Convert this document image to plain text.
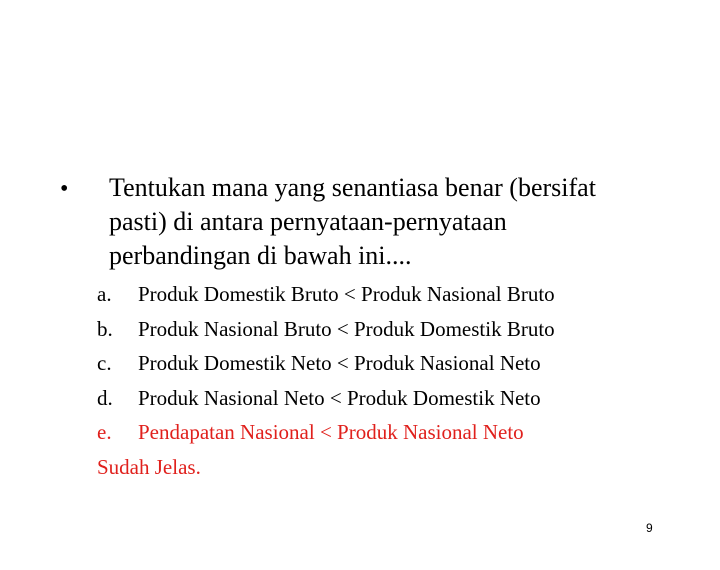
• Tentukan mana yang senantiasa benar (bersifat
pasti) di antara pernyataan-pernyataan
perbandingan di bawah ini....
a.	Produk Domestik Bruto < Produk Nasional Bruto
b.	Produk Nasional Bruto < Produk Domestik Bruto
c.	Produk Domestik Neto < Produk Nasional Neto
d.	Produk Nasional Neto < Produk Domestik Neto
e.	Pendapatan Nasional < Produk Nasional Neto
Sudah Jelas.
9
